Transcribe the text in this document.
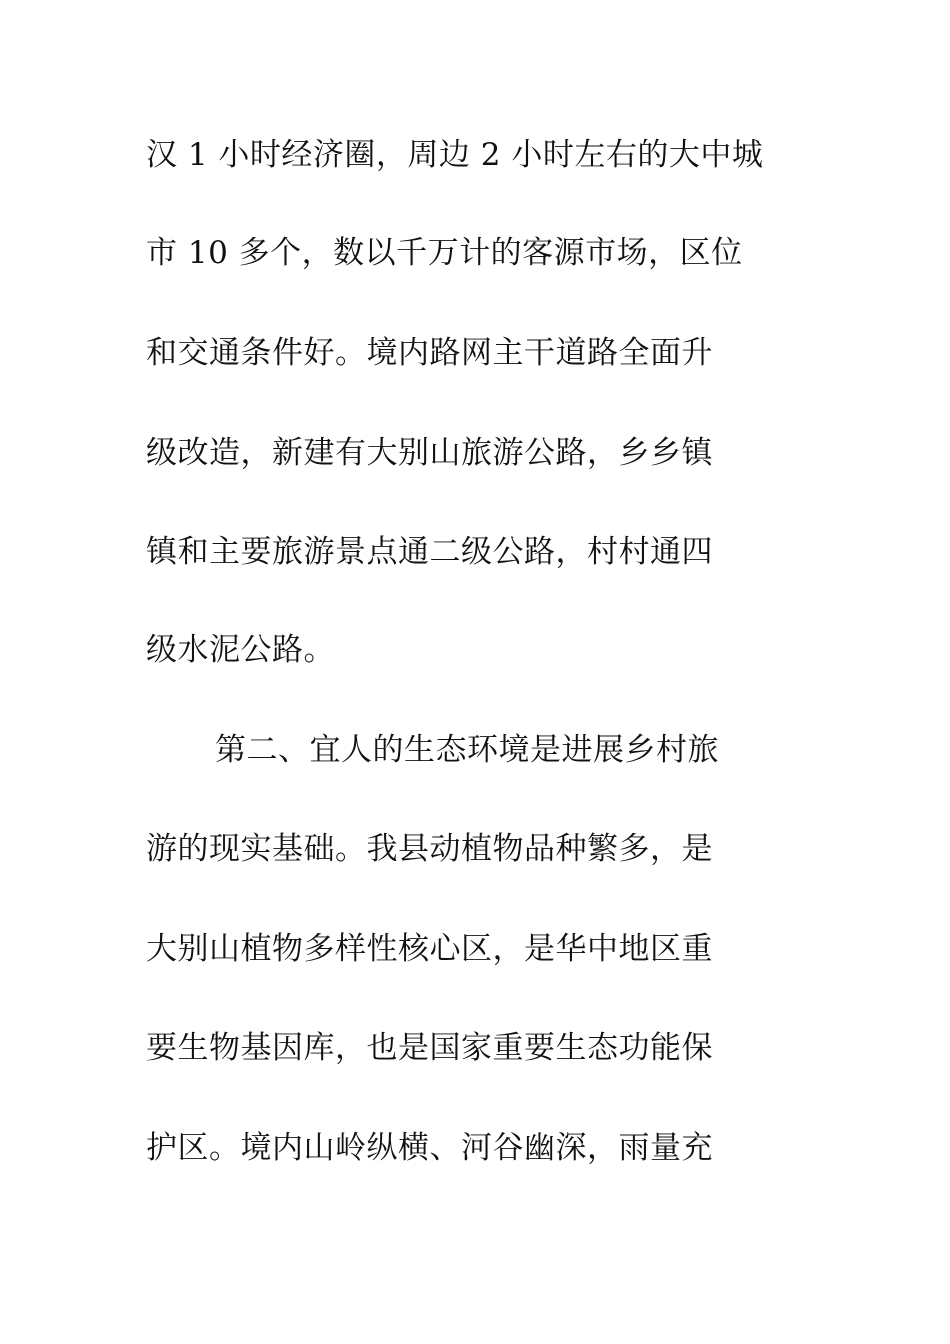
汉 1 小时经济圈，周边 2 小时左右的大中城

市 10 多个，数以千万计的客源市场，区位

和交通条件好。境内路网主干道路全面升

级改造，新建有大别山旅游公路，乡乡镇

镇和主要旅游景点通二级公路，村村通四

级水泥公路。

第二、宜人的生态环境是进展乡村旅

游的现实基础。我县动植物品种繁多，是

大别山植物多样性核心区，是华中地区重

要生物基因库，也是国家重要生态功能保

护区。境内山岭纵横、河谷幽深，雨量充
